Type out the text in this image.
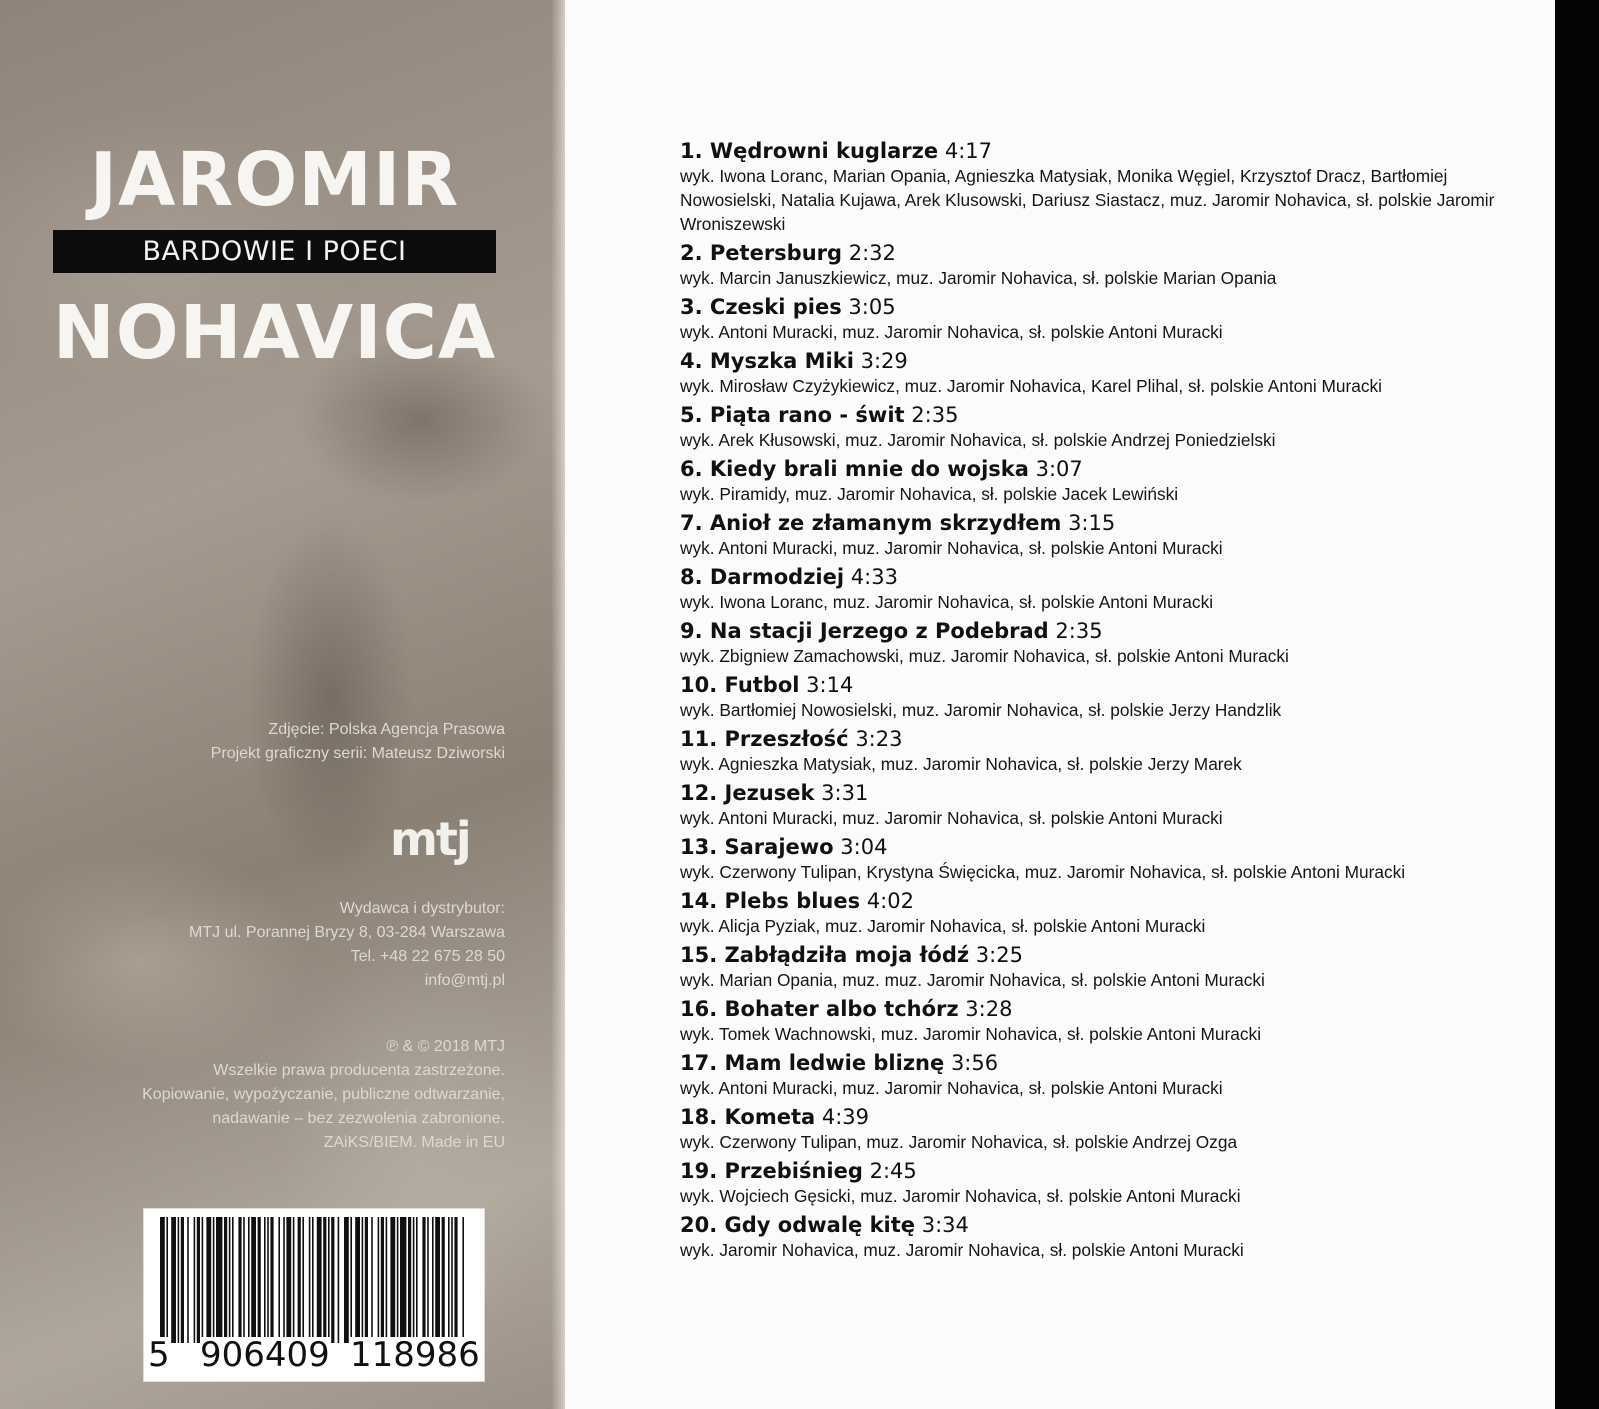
JAROMIR
BARDOWIE I POECI
NOHAVICA
Zdjęcie: Polska Agencja Prasowa
Projekt graficzny serii: Mateusz Dziworski
mtj
Wydawca i dystrybutor:
MTJ ul. Porannej Bryzy 8, 03-284 Warszawa
Tel. +48 22 675 28 50
info@mtj.pl
℗ & © 2018 MTJ
Wszelkie prawa producenta zastrzeżone.
Kopiowanie, wypożyczanie, publiczne odtwarzanie,
nadawanie – bez zezwolenia zabronione.
ZAiKS/BIEM. Made in EU
5 906409 118986
1. Wędrowni kuglarze 4:17
wyk. Iwona Loranc, Marian Opania, Agnieszka Matysiak, Monika Węgiel, Krzysztof Dracz, Bartłomiej Nowosielski, Natalia Kujawa, Arek Klusowski, Dariusz Siastacz, muz. Jaromir Nohavica, sł. polskie Jaromir Wroniszewski
2. Petersburg 2:32
wyk. Marcin Januszkiewicz, muz. Jaromir Nohavica, sł. polskie Marian Opania
3. Czeski pies 3:05
wyk. Antoni Muracki, muz. Jaromir Nohavica, sł. polskie Antoni Muracki
4. Myszka Miki 3:29
wyk. Mirosław Czyżykiewicz, muz. Jaromir Nohavica, Karel Plihal, sł. polskie Antoni Muracki
5. Piąta rano - świt 2:35
wyk. Arek Kłusowski, muz. Jaromir Nohavica, sł. polskie Andrzej Poniedzielski
6. Kiedy brali mnie do wojska 3:07
wyk. Piramidy, muz. Jaromir Nohavica, sł. polskie Jacek Lewiński
7. Anioł ze złamanym skrzydłem 3:15
wyk. Antoni Muracki, muz. Jaromir Nohavica, sł. polskie Antoni Muracki
8. Darmodziej 4:33
wyk. Iwona Loranc, muz. Jaromir Nohavica, sł. polskie Antoni Muracki
9. Na stacji Jerzego z Podebrad 2:35
wyk. Zbigniew Zamachowski, muz. Jaromir Nohavica, sł. polskie Antoni Muracki
10. Futbol 3:14
wyk. Bartłomiej Nowosielski, muz. Jaromir Nohavica, sł. polskie Jerzy Handzlik
11. Przeszłość 3:23
wyk. Agnieszka Matysiak, muz. Jaromir Nohavica, sł. polskie Jerzy Marek
12. Jezusek 3:31
wyk. Antoni Muracki, muz. Jaromir Nohavica, sł. polskie Antoni Muracki
13. Sarajewo 3:04
wyk. Czerwony Tulipan, Krystyna Święcicka, muz. Jaromir Nohavica, sł. polskie Antoni Muracki
14. Plebs blues 4:02
wyk. Alicja Pyziak, muz. Jaromir Nohavica, sł. polskie Antoni Muracki
15. Zabłądziła moja łódź 3:25
wyk. Marian Opania, muz. muz. Jaromir Nohavica, sł. polskie Antoni Muracki
16. Bohater albo tchórz 3:28
wyk. Tomek Wachnowski, muz. Jaromir Nohavica, sł. polskie Antoni Muracki
17. Mam ledwie bliznę 3:56
wyk. Antoni Muracki, muz. Jaromir Nohavica, sł. polskie Antoni Muracki
18. Kometa 4:39
wyk. Czerwony Tulipan, muz. Jaromir Nohavica, sł. polskie Andrzej Ozga
19. Przebiśnieg 2:45
wyk. Wojciech Gęsicki, muz. Jaromir Nohavica, sł. polskie Antoni Muracki
20. Gdy odwalę kitę 3:34
wyk. Jaromir Nohavica, muz. Jaromir Nohavica, sł. polskie Antoni Muracki
